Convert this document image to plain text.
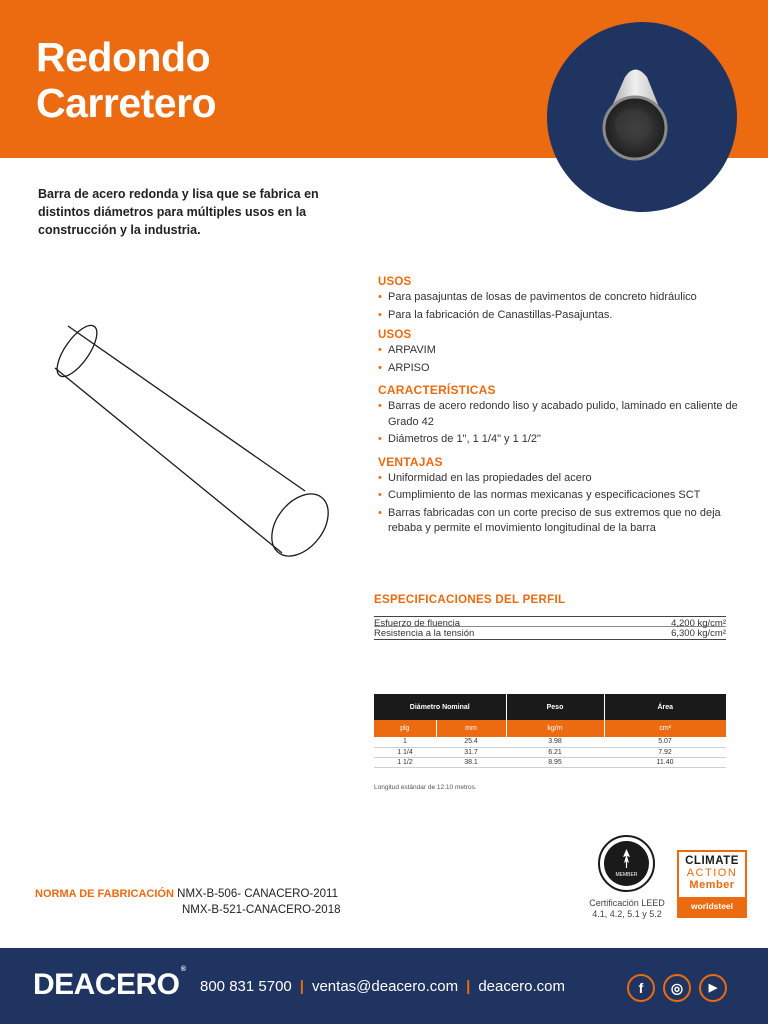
Redondo
Carretero
Barra de acero redonda y lisa que se fabrica en distintos diámetros para múltiples usos en la construcción y la industria.
USOS
• Para pasajuntas de losas de pavimentos de concreto hidráulico
• Para la fabricación de Canastillas-Pasajuntas.
USOS
• ARPAVIM
• ARPISO
CARACTERÍSTICAS
• Barras de acero redondo liso y acabado pulido, laminado en caliente de Grado 42
• Diámetros de 1", 1 1/4" y 1 1/2"
VENTAJAS
• Uniformidad en las propiedades del acero
• Cumplimiento de las normas mexicanas y especificaciones SCT
• Barras fabricadas con un corte preciso de sus extremos que no deja rebaba y permite el movimiento longitudinal de la barra
ESPECIFICACIONES DEL PERFIL
Esfuerzo de fluencia	4,200 kg/cm²
Resistencia a la tensión	6,300 kg/cm²
Diámetro Nominal		Peso	Área
plg	mm	kg/m	cm²
1	25.4	3.98	5.07
1 1/4	31.7	6.21	7.92
1 1/2	38.1	8.95	11.40
Longitud estándar de 12.10 metros.
NORMA DE FABRICACIÓN NMX-B-506- CANACERO-2011
NMX-B-521-CANACERO-2018
MEMBER
Certificación LEED
4.1, 4.2, 5.1 y 5.2
CLIMATE
ACTION
Member
worldsteel
DEACERO ®
800 831 5700 | ventas@deacero.com | deacero.com	f	◎	▶
